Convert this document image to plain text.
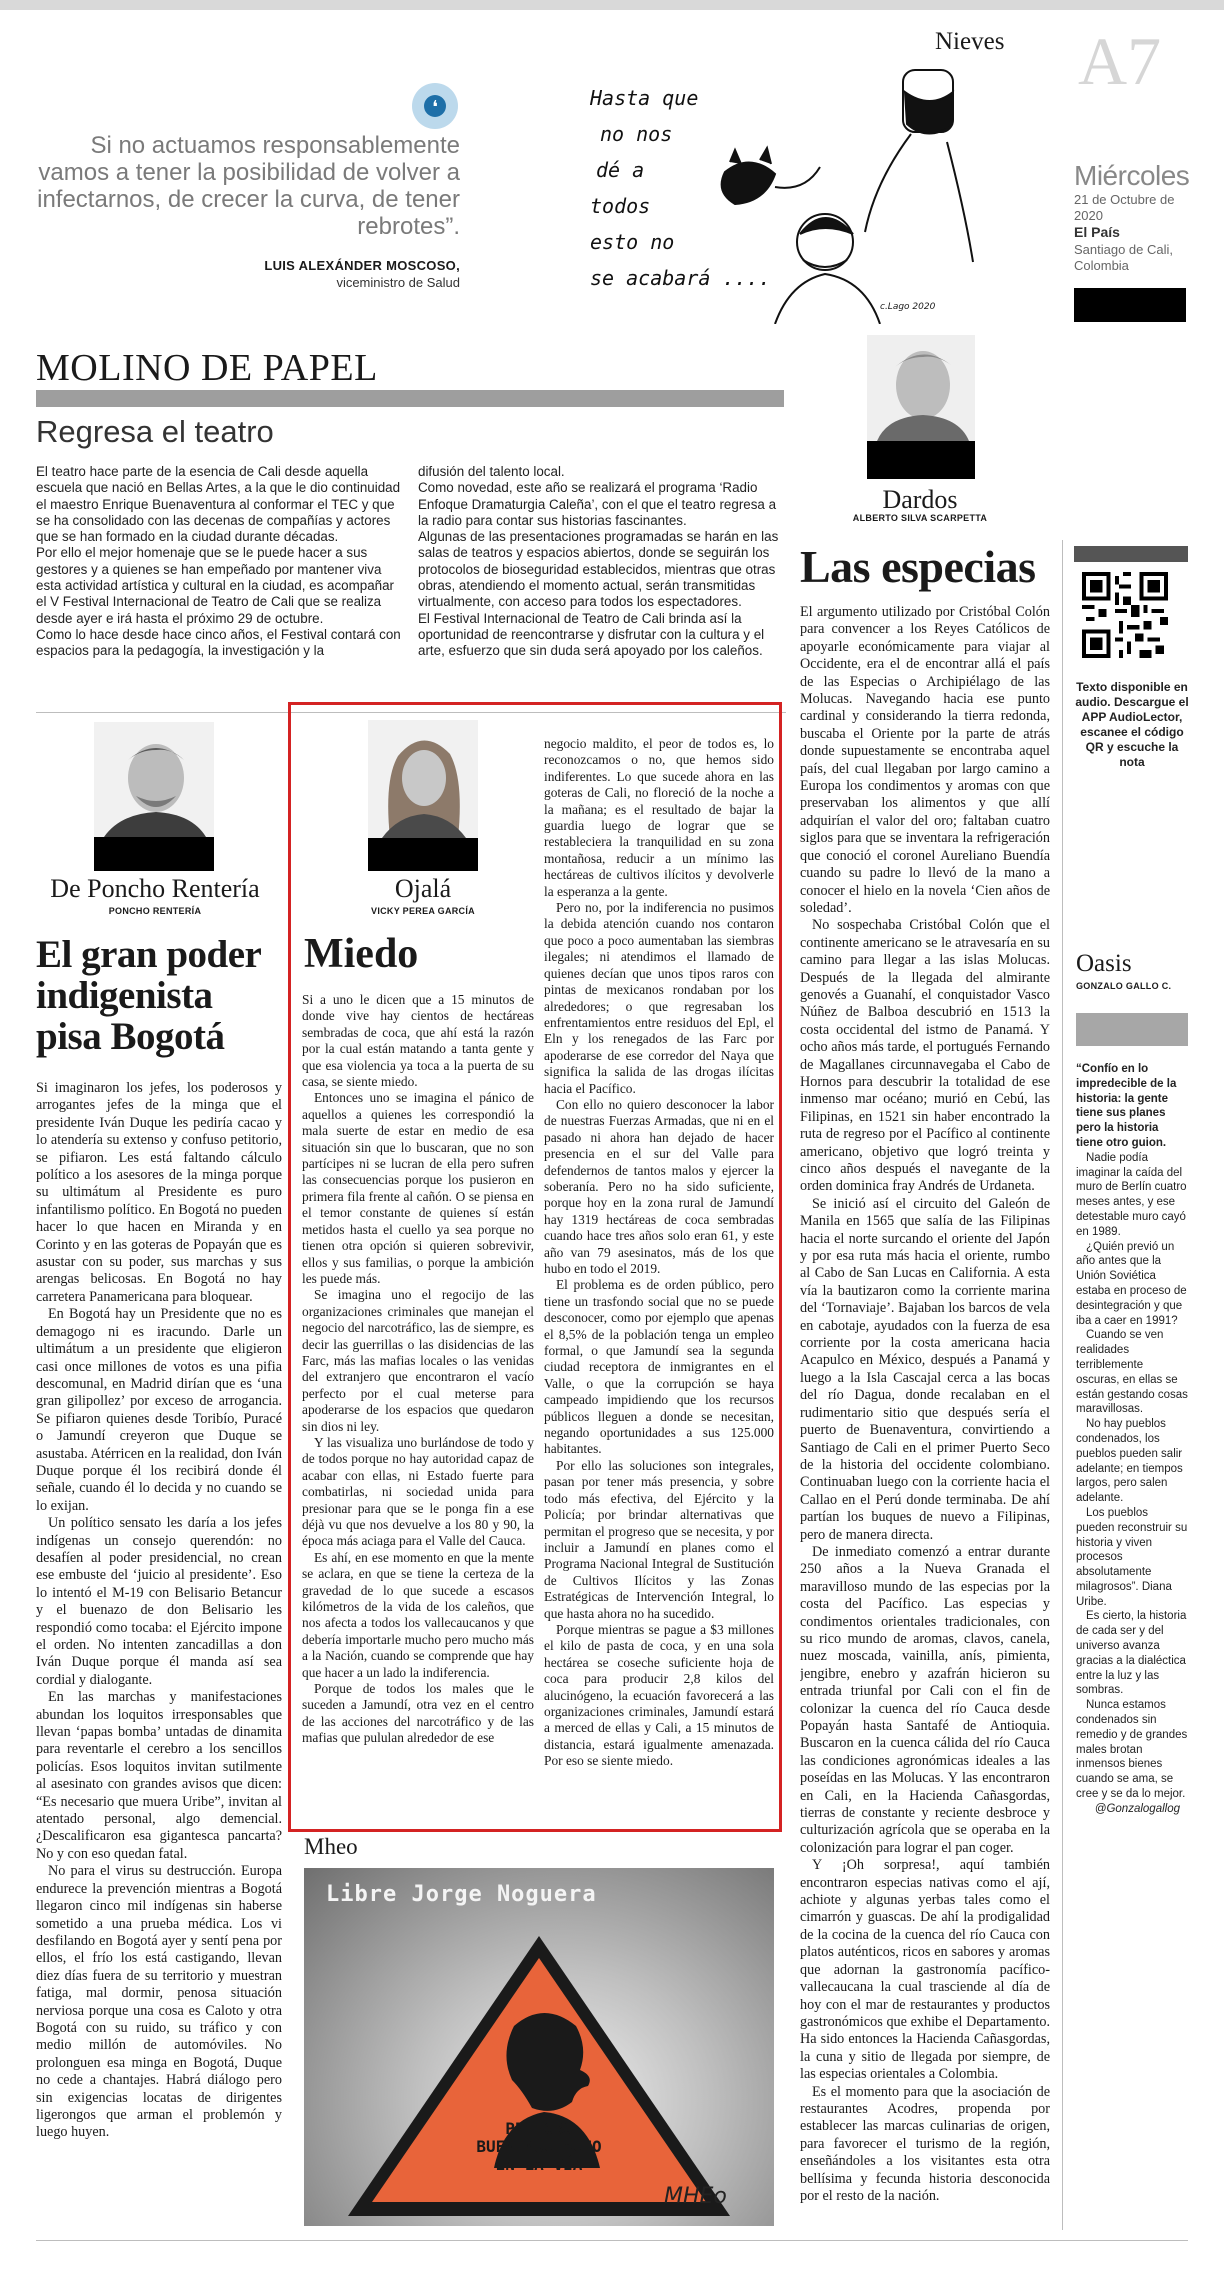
❛
Si no actuamos responsablemente vamos a tener la posibilidad de volver a infectarnos, de crecer la curva, de tener rebrotes”.
LUIS ALEXÁNDER MOSCOSO,
viceministro de Salud
Nieves
Hasta que
no nos
dé a
todos
esto no
se acabará ....
c.Lago 2020
A7
Miércoles
21 de Octubre de 2020
El País
Santiago de Cali, Colombia
MOLINO DE PAPEL
Regresa el teatro
El teatro hace parte de la esencia de Cali desde aquella escuela que nació en Bellas Artes, a la que le dio continuidad el maestro Enrique Buenaventura al conformar el TEC y que se ha consolidado con las decenas de compañías y actores que se han formado en la ciudad durante décadas.
Por ello el mejor homenaje que se le puede hacer a sus gestores y a quienes se han empeñado por mantener viva esta actividad artística y cultural en la ciudad, es acompañar el V Festival Internacional de Teatro de Cali que se realiza desde ayer e irá hasta el próximo 29 de octubre.
Como lo hace desde hace cinco años, el Festival contará con espacios para la pedagogía, la investigación y la
difusión del talento local.
Como novedad, este año se realizará el programa ‘Radio Enfoque Dramaturgia Caleña’, con el que el teatro regresa a la radio para contar sus historias fascinantes.
Algunas de las presentaciones programadas se harán en las salas de teatros y espacios abiertos, donde se seguirán los protocolos de bioseguridad establecidos, mientras que otras obras, atendiendo el momento actual, serán transmitidas virtualmente, con acceso para todos los espectadores.
El Festival Internacional de Teatro de Cali brinda así la oportunidad de reencontrarse y disfrutar con la cultura y el arte, esfuerzo que sin duda será apoyado por los caleños.
Dardos
ALBERTO SILVA SCARPETTA
Las especias

El argumento utilizado por Cristóbal Colón para convencer a los Reyes Católicos de apoyarle económicamente para viajar al Occidente, era el de encontrar allá el país de las Especias o Archipiélago de las Molucas. Navegando hacia ese punto cardinal y considerando la tierra redonda, buscaba el Oriente por la parte de atrás donde supuestamente se encontraba aquel país, del cual llegaban por largo camino a Europa los condimentos y aromas con que preservaban los alimentos y que allí adquirían el valor del oro; faltaban cuatro siglos para que se inventara la refrigeración que conoció el coronel Aureliano Buendía cuando su padre lo llevó de la mano a conocer el hielo en la novela ‘Cien años de soledad’.

No sospechaba Cristóbal Colón que el continente americano se le atravesaría en su camino para llegar a las islas Molucas. Después de la llegada del almirante genovés a Guanahí, el conquistador Vasco Núñez de Balboa descubrió en 1513 la costa occidental del istmo de Panamá. Y ocho años más tarde, el portugués Fernando de Magallanes circunnavegaba el Cabo de Hornos para descubrir la totalidad de ese inmenso mar océano; murió en Cebú, las Filipinas, en 1521 sin haber encontrado la ruta de regreso por el Pacífico al continente americano, objetivo que logró treinta y cinco años después el navegante de la orden dominica fray Andrés de Urdaneta.

Se inició así el circuito del Galeón de Manila en 1565 que salía de las Filipinas hacia el norte surcando el oriente del Japón y por esa ruta más hacia el oriente, rumbo al Cabo de San Lucas en California. A esta vía la bautizaron como la corriente marina del ‘Tornaviaje’. Bajaban los barcos de vela en cabotaje, ayudados con la fuerza de esa corriente por la costa americana hacia Acapulco en México, después a Panamá y luego a la Isla Cascajal cerca a las bocas del río Dagua, donde recalaban en el rudimentario sitio que después sería el puerto de Buenaventura, convirtiendo a Santiago de Cali en el primer Puerto Seco de la historia del occidente colombiano. Continuaban luego con la corriente hacia el Callao en el Perú donde terminaba. De ahí partían los buques de nuevo a Filipinas, pero de manera directa.

De inmediato comenzó a entrar durante 250 años a la Nueva Granada el maravilloso mundo de las especias por la costa del Pacífico. Las especias y condimentos orientales tradicionales, con su rico mundo de aromas, clavos, canela, nuez moscada, vainilla, anís, pimienta, jengibre, enebro y azafrán hicieron su entrada triunfal por Cali con el fin de colonizar la cuenca del río Cauca desde Popayán hasta Santafé de Antioquia. Buscaron en la cuenca cálida del río Cauca las condiciones agronómicas ideales a las poseídas en las Molucas. Y las encontraron en Cali, en la Hacienda Cañasgordas, tierras de constante y reciente desbroce y culturización agrícola que se operaba en la colonización para lograr el pan coger.

Y ¡Oh sorpresa!, aquí también encontraron especias nativas como el ají, achiote y algunas yerbas tales como el cimarrón y guascas. De ahí la prodigalidad de la cocina de la cuenca del río Cauca con platos auténticos, ricos en sabores y aromas que adornan la gastronomía pacífico-vallecaucana la cual trasciende al día de hoy con el mar de restaurantes y productos gastronómicos que exhibe el Departamento. Ha sido entonces la Hacienda Cañasgordas, la cuna y sitio de llegada por siempre, de las especias orientales a Colombia.

Es el momento para que la asociación de restaurantes Acodres, propenda por establecer las marcas culinarias de origen, para favorecer el turismo de la región, enseñándoles a los visitantes esta otra bellísima y fecunda historia desconocida por el resto de la nación.

Texto disponible en audio. Descargue el APP AudioLector, escanee el código QR y escuche la nota
Oasis
GONZALO GALLO C.
“Confío en lo impredecible de la historia: la gente tiene sus planes pero la historia tiene otro guion.
Nadie podía imaginar la caída del muro de Berlín cuatro meses antes, y ese detestable muro cayó en 1989.
¿Quién previó un año antes que la Unión Soviética estaba en proceso de desintegración y que iba a caer en 1991?
Cuando se ven realidades terriblemente oscuras, en ellas se están gestando cosas maravillosas.
No hay pueblos condenados, los pueblos pueden salir adelante; en tiempos largos, pero salen adelante.
Los pueblos pueden reconstruir su historia y viven procesos absolutamente milagrosos”. Diana Uribe.
Es cierto, la historia de cada ser y del universo avanza gracias a la dialéctica entre la luz y las sombras.
Nunca estamos condenados sin remedio y de grandes males brotan inmensos bienes cuando se ama, se cree y se da lo mejor.
@Gonzalogallog
De Poncho Rentería
PONCHO RENTERÍA
El gran poder indigenista pisa Bogotá

Si imaginaron los jefes, los poderosos y arrogantes jefes de la minga que el presidente Iván Duque les pediría cacao y lo atendería su extenso y confuso petitorio, se pifiaron. Les está faltando cálculo político a los asesores de la minga porque su ultimátum al Presidente es puro infantilismo político. En Bogotá no pueden hacer lo que hacen en Miranda y en Corinto y en las goteras de Popayán que es asustar con su poder, sus marchas y sus arengas belicosas. En Bogotá no hay carretera Panamericana para bloquear.

En Bogotá hay un Presidente que no es demagogo ni es iracundo. Darle un ultimátum a un presidente que eligieron casi once millones de votos es una pifia descomunal, en Madrid dirían que es ‘una gran gilipollez’ por exceso de arrogancia. Se pifiaron quienes desde Toribío, Puracé o Jamundí creyeron que Duque se asustaba. Atérricen en la realidad, don Iván Duque porque él los recibirá donde él señale, cuando él lo decida y no cuando se lo exijan.

Un político sensato les daría a los jefes indígenas un consejo querendón: no desafíen al poder presidencial, no crean ese embuste del ‘juicio al presidente’. Eso lo intentó el M-19 con Belisario Betancur y el buenazo de don Belisario les respondió como tocaba: el Ejército impone el orden. No intenten zancadillas a don Iván Duque porque él manda así sea cordial y dialogante.

En las marchas y manifestaciones abundan los loquitos irresponsables que llevan ‘papas bomba’ untadas de dinamita para reventarle el cerebro a los sencillos policías. Esos loquitos invitan sutilmente al asesinato con grandes avisos que dicen: “Es necesario que muera Uribe”, invitan al atentado personal, algo demencial. ¿Descalificaron esa gigantesca pancarta? No y con eso quedan fatal.

No para el virus su destrucción. Europa endurece la prevención mientras a Bogotá llegaron cinco mil indígenas sin haberse sometido a una prueba médica. Los vi desfilando en Bogotá ayer y sentí pena por ellos, el frío los está castigando, llevan diez días fuera de su territorio y muestran fatiga, mal dormir, penosa situación nerviosa porque una cosa es Caloto y otra Bogotá con su ruido, su tráfico y con medio millón de automóviles. No prolonguen esa minga en Bogotá, Duque no cede a chantajes. Habrá diálogo pero sin exigencias locatas de dirigentes ligerongos que arman el problemón y luego huyen.

Ojalá
VICKY PEREA GARCÍA
Miedo

Si a uno le dicen que a 15 minutos de donde vive hay cientos de hectáreas sembradas de coca, que ahí está la razón por la cual están matando a tanta gente y que esa violencia ya toca a la puerta de su casa, se siente miedo.

Entonces uno se imagina el pánico de aquellos a quienes les correspondió la mala suerte de estar en medio de esa situación sin que lo buscaran, que no son partícipes ni se lucran de ella pero sufren las consecuencias porque los pusieron en primera fila frente al cañón. O se piensa en el temor constante de quienes sí están metidos hasta el cuello ya sea porque no tienen otra opción si quieren sobrevivir, ellos y sus familias, o porque la ambición les puede más.

Se imagina uno el regocijo de las organizaciones criminales que manejan el negocio del narcotráfico, las de siempre, es decir las guerrillas o las disidencias de las Farc, más las mafias locales o las venidas del extranjero que encontraron el vacío perfecto por el cual meterse para apoderarse de los espacios que quedaron sin dios ni ley.

Y las visualiza uno burlándose de todo y de todos porque no hay autoridad capaz de acabar con ellas, ni Estado fuerte para combatirlas, ni sociedad unida para presionar para que se le ponga fin a ese déjà vu que nos devuelve a los 80 y 90, la época más aciaga para el Valle del Cauca.

Es ahí, en ese momento en que la mente se aclara, en que se tiene la certeza de la gravedad de lo que sucede a escasos kilómetros de la vida de los caleños, que nos afecta a todos los vallecaucanos y que debería importarle mucho pero mucho más a la Nación, cuando se comprende que hay que hacer a un lado la indiferencia.

Porque de todos los males que le suceden a Jamundí, otra vez en el centro de las acciones del narcotráfico y de las mafias que pululan alrededor de ese

negocio maldito, el peor de todos es, lo reconozcamos o no, que hemos sido indiferentes. Lo que sucede ahora en las goteras de Cali, no floreció de la noche a la mañana; es el resultado de bajar la guardia luego de lograr que se restableciera la tranquilidad en su zona montañosa, reducir a un mínimo las hectáreas de cultivos ilícitos y devolverle la esperanza a la gente.

Pero no, por la indiferencia no pusimos la debida atención cuando nos contaron que poco a poco aumentaban las siembras ilegales; ni atendimos el llamado de quienes decían que unos tipos raros con pintas de mexicanos rondaban por los alrededores; o que regresaban los enfrentamientos entre residuos del Epl, el Eln y los renegados de las Farc por apoderarse de ese corredor del Naya que significa la salida de las drogas ilícitas hacia el Pacífico.

Con ello no quiero desconocer la labor de nuestras Fuerzas Armadas, que ni en el pasado ni ahora han dejado de hacer presencia en el sur del Valle para defendernos de tantos malos y ejercer la soberanía. Pero no ha sido suficiente, porque hoy en la zona rural de Jamundí hay 1319 hectáreas de coca sembradas cuando hace tres años solo eran 61, y este año van 79 asesinatos, más de los que hubo en todo el 2019.

El problema es de orden público, pero tiene un trasfondo social que no se puede desconocer, como por ejemplo que apenas el 8,5% de la población tenga un empleo formal, o que Jamundí sea la segunda ciudad receptora de inmigrantes en el Valle, o que la corrupción se haya campeado impidiendo que los recursos públicos lleguen a donde se necesitan, negando oportunidades a sus 125.000 habitantes.

Por ello las soluciones son integrales, pasan por tener más presencia, y sobre todo más efectiva, del Ejército y la Policía; por brindar alternativas que permitan el progreso que se necesita, y por incluir a Jamundí en planes como el Programa Nacional Integral de Sustitución de Cultivos Ilícitos y las Zonas Estratégicas de Intervención Integral, lo que hasta ahora no ha sucedido.

Porque mientras se pague a $3 millones el kilo de pasta de coca, y en una sola hectárea se coseche suficiente hoja de coca para producir 2,8 kilos del alucinógeno, la ecuación favorecerá a las organizaciones criminales, Jamundí estará a merced de ellas y Cali, a 15 minutos de distancia, estará igualmente amenazada. Por eso se siente miedo.

Mheo
Libre Jorge Noguera
PELIGRO
BUEN MUCHACHO
EN LA VÍA
MHEo
